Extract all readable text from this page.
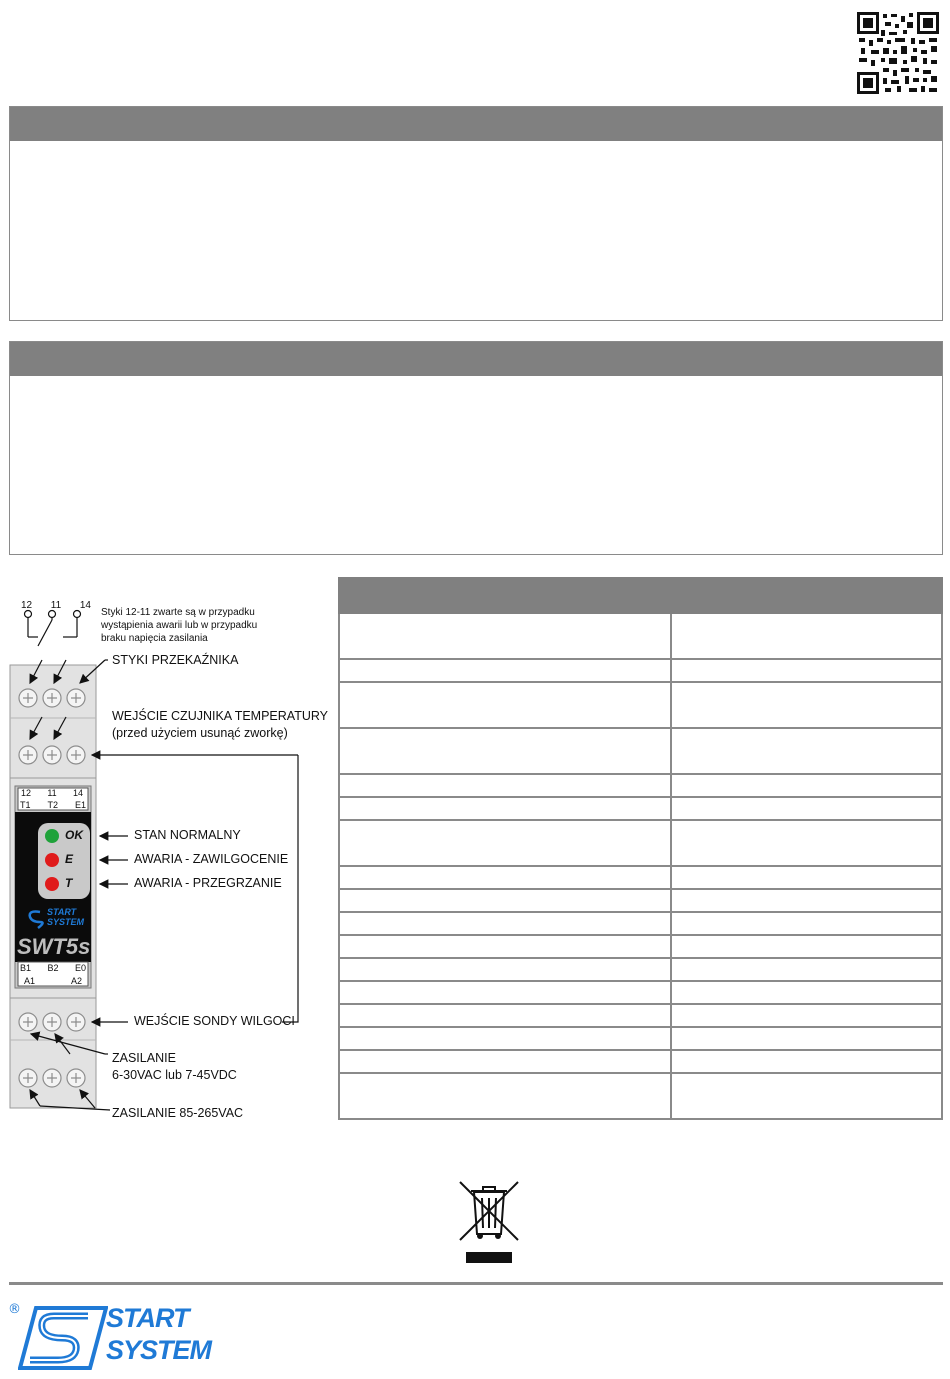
12 11 14
Styki 12-11 zwarte są w przypadku
wystąpienia awarii lub w przypadku
braku napięcia zasilania
STYKI PRZEKAŹNIKA
WEJŚCIE CZUJNIKA TEMPERATURY
(przed użyciem usunąć zworkę)
12 11 14
T1 T2 E1
OK
E
T
STAN NORMALNY
AWARIA - ZAWILGOCENIE
AWARIA - PRZEGRZANIE
START
SYSTEM
SWT5s
B1 B2 E0
A1	A2
WEJŚCIE SONDY WILGOCI
ZASILANIE
6-30VAC lub 7-45VDC
ZASILANIE 85-265VAC
®	START
SYSTEM
